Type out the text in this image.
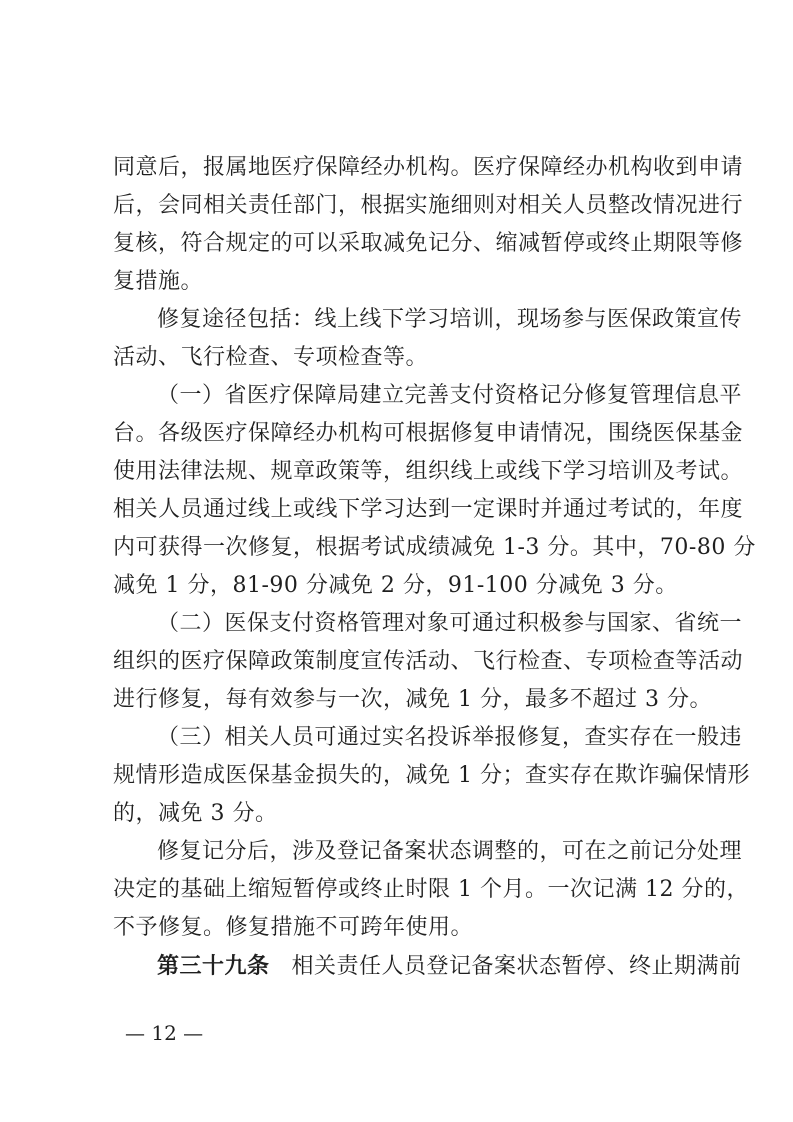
同意后，报属地医疗保障经办机构。医疗保障经办机构收到申请
后，会同相关责任部门，根据实施细则对相关人员整改情况进行
复核，符合规定的可以采取减免记分、缩减暂停或终止期限等修
复措施。
修复途径包括：线上线下学习培训，现场参与医保政策宣传
活动、飞行检查、专项检查等。
（一）省医疗保障局建立完善支付资格记分修复管理信息平
台。各级医疗保障经办机构可根据修复申请情况，围绕医保基金
使用法律法规、规章政策等，组织线上或线下学习培训及考试。
相关人员通过线上或线下学习达到一定课时并通过考试的，年度
内可获得一次修复，根据考试成绩减免 1-3 分。其中，70-80 分
减免 1 分，81-90 分减免 2 分，91-100 分减免 3 分。
（二）医保支付资格管理对象可通过积极参与国家、省统一
组织的医疗保障政策制度宣传活动、飞行检查、专项检查等活动
进行修复，每有效参与一次，减免 1 分，最多不超过 3 分。
（三）相关人员可通过实名投诉举报修复，查实存在一般违
规情形造成医保基金损失的，减免 1 分；查实存在欺诈骗保情形
的，减免 3 分。
修复记分后，涉及登记备案状态调整的，可在之前记分处理
决定的基础上缩短暂停或终止时限 1 个月。一次记满 12 分的，
不予修复。修复措施不可跨年使用。
第三十九条 相关责任人员登记备案状态暂停、终止期满前
— 12 —
